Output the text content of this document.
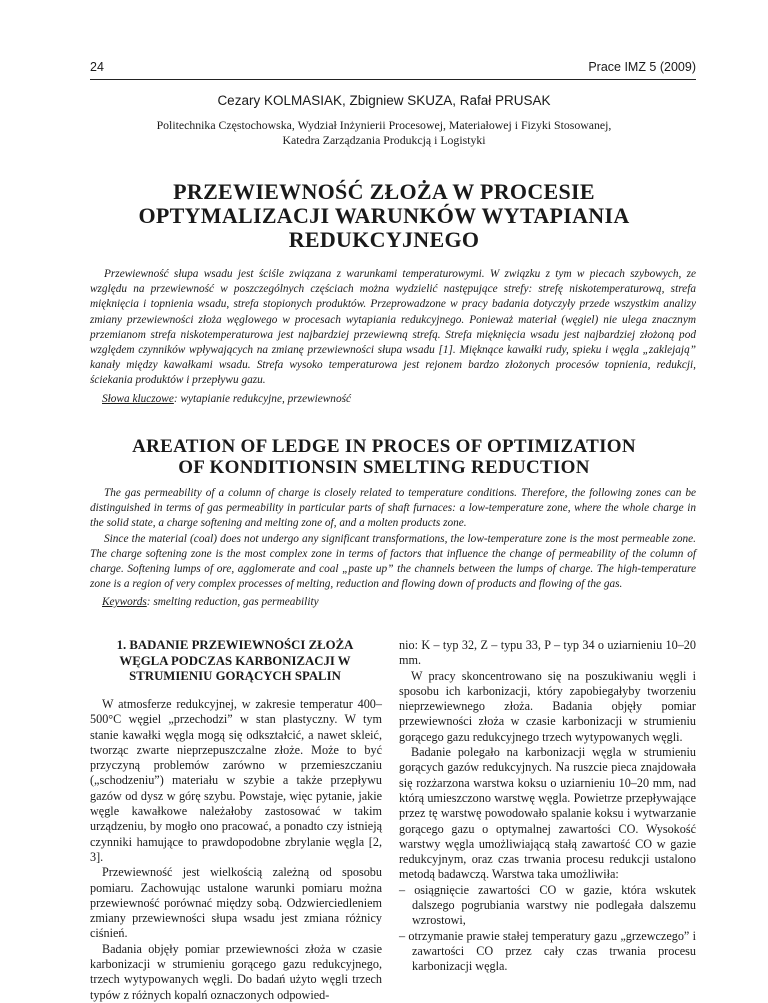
24	Prace IMZ 5 (2009)
Cezary KOLMASIAK, Zbigniew SKUZA, Rafał PRUSAK
Politechnika Częstochowska, Wydział Inżynierii Procesowej, Materiałowej i Fizyki Stosowanej,
Katedra Zarządzania Produkcją i Logistyki
PRZEWIEWNOŚĆ ZŁOŻA W PROCESIE
OPTYMALIZACJI WARUNKÓW WYTAPIANIA
REDUKCYJNEGO

Przewiewność słupa wsadu jest ściśle związana z warunkami temperaturowymi. W związku z tym w piecach szybowych, ze względu na przewiewność w poszczególnych częściach można wydzielić następujące strefy: strefę niskotemperaturową, strefa mięknięcia i topnienia wsadu, strefa stopionych produktów. Przeprowadzone w pracy badania dotyczyły przede wszystkim analizy zmiany przewiewności złoża węglowego w procesach wytapiania redukcyjnego. Ponieważ materiał (węgiel) nie ulega znacznym przemianom strefa niskotemperaturowa jest najbardziej przewiewną strefą. Strefa mięknięcia wsadu jest najbardziej złożoną pod względem czynników wpływających na zmianę przewiewności słupa wsadu [1]. Mięknące kawałki rudy, spieku i węgla „zaklejają” kanały między kawałkami wsadu. Strefa wysoko temperaturowa jest rejonem bardzo złożonych procesów topnienia, redukcji, ściekania produktów i przepływu gazu.

Słowa kluczowe: wytapianie redukcyjne, przewiewność
AREATION OF LEDGE IN PROCES OF OPTIMIZATION
OF KONDITIONSIN SMELTING REDUCTION

The gas permeability of a column of charge is closely related to temperature conditions. Therefore, the following zones can be distinguished in terms of gas permeability in particular parts of shaft furnaces: a low-temperature zone, where the whole charge in the solid state, a charge softening and melting zone of, and a molten products zone.

Since the material (coal) does not undergo any significant transformations, the low-temperature zone is the most permeable zone. The charge softening zone is the most complex zone in terms of factors that influence the change of permeability of the column of charge. Softening lumps of ore, agglomerate and coal „paste up” the channels between the lumps of charge. The high-temperature zone is a region of very complex processes of melting, reduction and flowing down of products and flowing of the gas.

Keywords: smelting reduction, gas permeability
1. BADANIE PRZEWIEWNOŚCI ZŁOŻA
WĘGLA PODCZAS KARBONIZACJI W
STRUMIENIU GORĄCYCH SPALIN

W atmosferze redukcyjnej, w zakresie temperatur 400–500°C węgiel „przechodzi” w stan plastyczny. W tym stanie kawałki węgla mogą się odkształcić, a nawet skleić, tworząc zwarte nieprzepuszczalne złoże. Może to być przyczyną problemów zarówno w przemieszczaniu („schodzeniu”) materiału w szybie a także przepływu gazów od dysz w górę szybu. Powstaje, więc pytanie, jakie węgle kawałkowe należałoby zastosować w takim urządzeniu, by mogło ono pracować, a ponadto czy istnieją czynniki hamujące to prawdopodobne zbrylanie węgla [2, 3].

Przewiewność jest wielkością zależną od sposobu pomiaru. Zachowując ustalone warunki pomiaru można przewiewność porównać między sobą. Odzwierciedleniem zmiany przewiewności słupa wsadu jest zmiana różnicy ciśnień.

Badania objęły pomiar przewiewności złoża w czasie karbonizacji w strumieniu gorącego gazu redukcyjnego, trzech wytypowanych węgli. Do badań użyto węgli trzech typów z różnych kopalń oznaczonych odpowied-

nio: K – typ 32, Z – typu 33, P – typ 34 o uziarnieniu 10–20 mm.

W pracy skoncentrowano się na poszukiwaniu węgli i sposobu ich karbonizacji, który zapobiegałyby tworzeniu nieprzewiewnego złoża. Badania objęły pomiar przewiewności złoża w czasie karbonizacji w strumieniu gorącego gazu redukcyjnego trzech wytypowanych węgli.

Badanie polegało na karbonizacji węgla w strumieniu gorących gazów redukcyjnych. Na ruszcie pieca znajdowała się rozżarzona warstwa koksu o uziarnieniu 10–20 mm, nad którą umieszczono warstwę węgla. Powietrze przepływające przez tę warstwę powodowało spalanie koksu i wytwarzanie gorącego gazu o optymalnej zawartości CO. Wysokość warstwy węgla umożliwiającą stałą zawartość CO w gazie redukcyjnym, oraz czas trwania procesu redukcji ustalono metodą badawczą. Warstwa taka umożliwiła:

– osiągnięcie zawartości CO w gazie, która wskutek dalszego pogrubiania warstwy nie podlegała dalszemu wzrostowi,
– otrzymanie prawie stałej temperatury gazu „grzewczego” i zawartości CO przez cały czas trwania procesu karbonizacji węgla.
